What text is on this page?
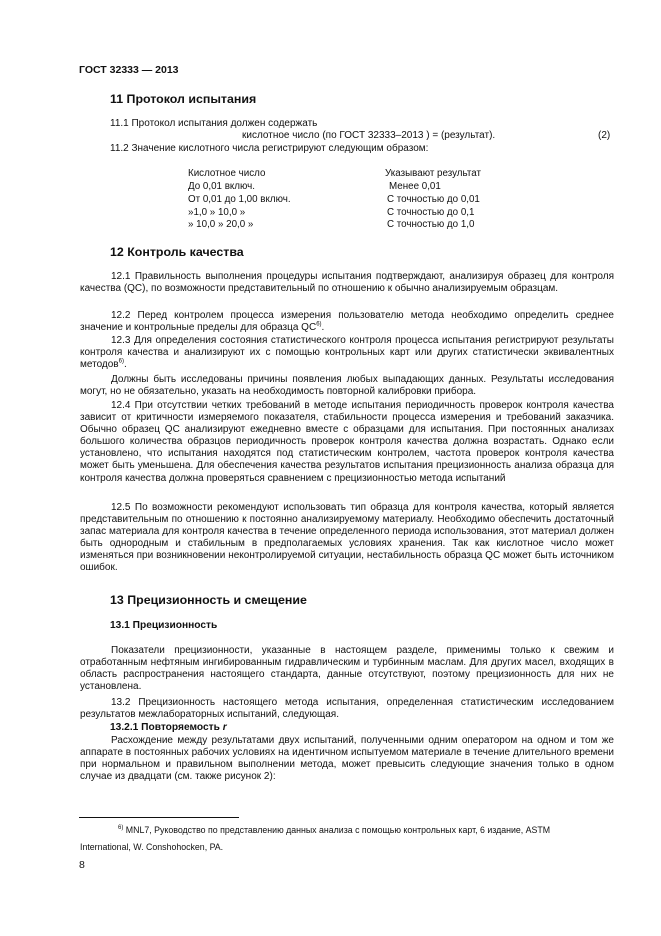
ГОСТ 32333 — 2013
11 Протокол испытания
11.1 Протокол испытания должен содержать
кислотное число (по ГОСТ 32333–2013 ) = (результат).	(2)
11.2 Значение кислотного числа регистрируют следующим образом:
Кислотное число	Указывают результат
До 0,01 включ.	Менее 0,01
От 0,01 до 1,00 включ.	С точностью до 0,01
»1,0 » 10,0 »	С точностью до 0,1
» 10,0 » 20,0 »	С точностью до 1,0
12 Контроль качества
12.1 Правильность выполнения процедуры испытания подтверждают, анализируя образец для контроля качества (QC), по возможности представительный по отношению к обычно анализируемым образцам.
12.2 Перед контролем процесса измерения пользователю метода необходимо определить среднее значение и контрольные пределы для образца QC$^{6)}$.
12.3 Для определения состояния статистического контроля процесса испытания регистрируют результаты контроля качества и анализируют их с помощью контрольных карт или других статистически эквивалентных методов$^{6)}$.
Должны быть исследованы причины появления любых выпадающих данных. Результаты исследования могут, но не обязательно, указать на необходимость повторной калибровки прибора.
12.4 При отсутствии четких требований в методе испытания периодичность проверок контроля качества зависит от критичности измеряемого показателя, стабильности процесса измерения и требований заказчика. Обычно образец QC анализируют ежедневно вместе с образцами для испытания. При постоянных анализах большого количества образцов периодичность проверок контроля качества должна возрастать. Однако если установлено, что испытания находятся под статистическим контролем, частота проверок контроля качества может быть уменьшена. Для обеспечения качества результатов испытания прецизионность анализа образца для контроля качества должна проверяться сравнением с прецизионностью метода испытаний
12.5 По возможности рекомендуют использовать тип образца для контроля качества, который является представительным по отношению к постоянно анализируемому материалу. Необходимо обеспечить достаточный запас материала для контроля качества в течение определенного периода использования, этот материал должен быть однородным и стабильным в предполагаемых условиях хранения. Так как кислотное число может изменяться при возникновении неконтролируемой ситуации, нестабильность образца QC может быть источником ошибок.
13 Прецизионность и смещение
13.1 Прецизионность
Показатели прецизионности, указанные в настоящем разделе, применимы только к свежим и отработанным нефтяным ингибированным гидравлическим и турбинным маслам. Для других масел, входящих в область распространения настоящего стандарта, данные отсутствуют, поэтому прецизионность для них не установлена.
13.2 Прецизионность настоящего метода испытания, определенная статистическим исследованием результатов межлабораторных испытаний, следующая.
13.2.1 Повторяемость r
Расхождение между результатами двух испытаний, полученными одним оператором на одном и том же аппарате в постоянных рабочих условиях на идентичном испытуемом материале в течение длительного времени при нормальном и правильном выполнении метода, может превысить следующие значения только в одном случае из двадцати (см. также рисунок 2):
$^{6)}$ MNL7, Руководство по представлению данных анализа с помощью контрольных карт, 6 издание, ASTM
International, W. Conshohocken, PA.
8
